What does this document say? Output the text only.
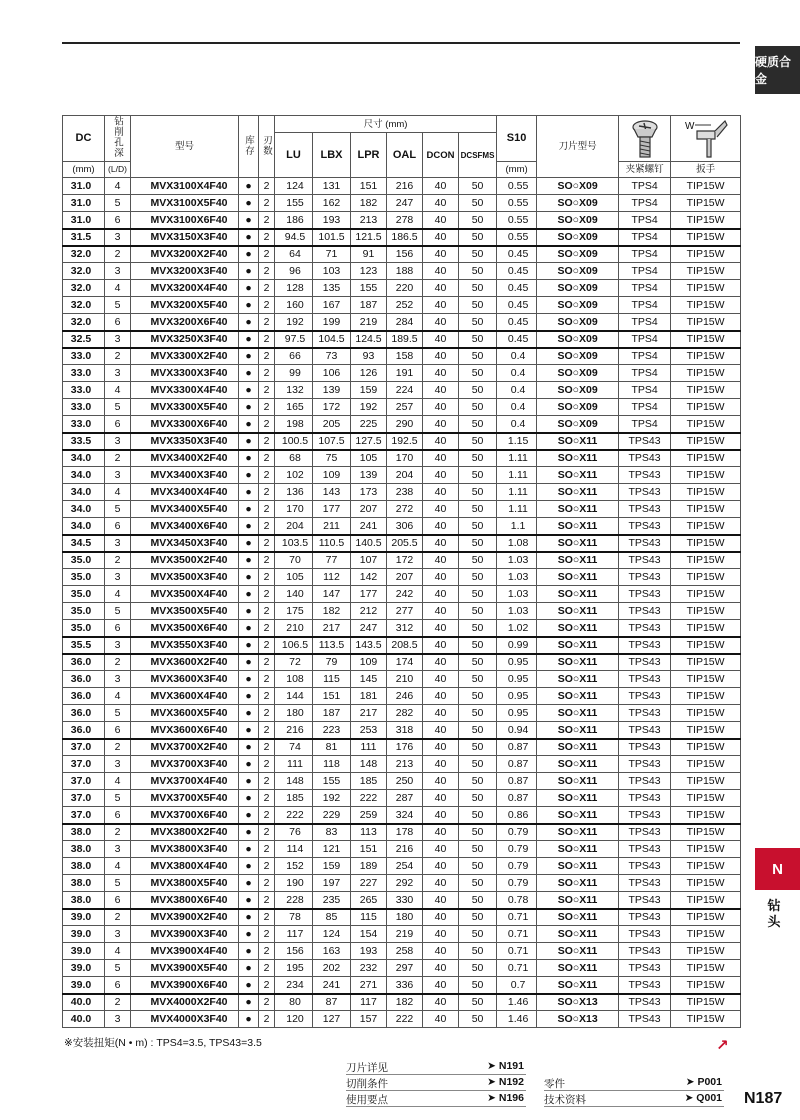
硬质合金
N
钻头
DC	钻削孔深	型号	库存	刃数	尺寸 (mm)						S10	刀片型号		W

					LU	LBX	LPR	OAL	DCON	DCSFMS				
(mm)	(L/D)										(mm)		夹紧螺钉	扳手
31.0	4	MVX3100X4F40	●	2	124	131	151	216	40	50	0.55	SO○X09	TPS4	TIP15W
31.0	5	MVX3100X5F40	●	2	155	162	182	247	40	50	0.55	SO○X09	TPS4	TIP15W
31.0	6	MVX3100X6F40	●	2	186	193	213	278	40	50	0.55	SO○X09	TPS4	TIP15W
31.5	3	MVX3150X3F40	●	2	94.5	101.5	121.5	186.5	40	50	0.55	SO○X09	TPS4	TIP15W
32.0	2	MVX3200X2F40	●	2	64	71	91	156	40	50	0.45	SO○X09	TPS4	TIP15W
32.0	3	MVX3200X3F40	●	2	96	103	123	188	40	50	0.45	SO○X09	TPS4	TIP15W
32.0	4	MVX3200X4F40	●	2	128	135	155	220	40	50	0.45	SO○X09	TPS4	TIP15W
32.0	5	MVX3200X5F40	●	2	160	167	187	252	40	50	0.45	SO○X09	TPS4	TIP15W
32.0	6	MVX3200X6F40	●	2	192	199	219	284	40	50	0.45	SO○X09	TPS4	TIP15W
32.5	3	MVX3250X3F40	●	2	97.5	104.5	124.5	189.5	40	50	0.45	SO○X09	TPS4	TIP15W
33.0	2	MVX3300X2F40	●	2	66	73	93	158	40	50	0.4	SO○X09	TPS4	TIP15W
33.0	3	MVX3300X3F40	●	2	99	106	126	191	40	50	0.4	SO○X09	TPS4	TIP15W
33.0	4	MVX3300X4F40	●	2	132	139	159	224	40	50	0.4	SO○X09	TPS4	TIP15W
33.0	5	MVX3300X5F40	●	2	165	172	192	257	40	50	0.4	SO○X09	TPS4	TIP15W
33.0	6	MVX3300X6F40	●	2	198	205	225	290	40	50	0.4	SO○X09	TPS4	TIP15W
33.5	3	MVX3350X3F40	●	2	100.5	107.5	127.5	192.5	40	50	1.15	SO○X11	TPS43	TIP15W
34.0	2	MVX3400X2F40	●	2	68	75	105	170	40	50	1.11	SO○X11	TPS43	TIP15W
34.0	3	MVX3400X3F40	●	2	102	109	139	204	40	50	1.11	SO○X11	TPS43	TIP15W
34.0	4	MVX3400X4F40	●	2	136	143	173	238	40	50	1.11	SO○X11	TPS43	TIP15W
34.0	5	MVX3400X5F40	●	2	170	177	207	272	40	50	1.11	SO○X11	TPS43	TIP15W
34.0	6	MVX3400X6F40	●	2	204	211	241	306	40	50	1.1	SO○X11	TPS43	TIP15W
34.5	3	MVX3450X3F40	●	2	103.5	110.5	140.5	205.5	40	50	1.08	SO○X11	TPS43	TIP15W
35.0	2	MVX3500X2F40	●	2	70	77	107	172	40	50	1.03	SO○X11	TPS43	TIP15W
35.0	3	MVX3500X3F40	●	2	105	112	142	207	40	50	1.03	SO○X11	TPS43	TIP15W
35.0	4	MVX3500X4F40	●	2	140	147	177	242	40	50	1.03	SO○X11	TPS43	TIP15W
35.0	5	MVX3500X5F40	●	2	175	182	212	277	40	50	1.03	SO○X11	TPS43	TIP15W
35.0	6	MVX3500X6F40	●	2	210	217	247	312	40	50	1.02	SO○X11	TPS43	TIP15W
35.5	3	MVX3550X3F40	●	2	106.5	113.5	143.5	208.5	40	50	0.99	SO○X11	TPS43	TIP15W
36.0	2	MVX3600X2F40	●	2	72	79	109	174	40	50	0.95	SO○X11	TPS43	TIP15W
36.0	3	MVX3600X3F40	●	2	108	115	145	210	40	50	0.95	SO○X11	TPS43	TIP15W
36.0	4	MVX3600X4F40	●	2	144	151	181	246	40	50	0.95	SO○X11	TPS43	TIP15W
36.0	5	MVX3600X5F40	●	2	180	187	217	282	40	50	0.95	SO○X11	TPS43	TIP15W
36.0	6	MVX3600X6F40	●	2	216	223	253	318	40	50	0.94	SO○X11	TPS43	TIP15W
37.0	2	MVX3700X2F40	●	2	74	81	111	176	40	50	0.87	SO○X11	TPS43	TIP15W
37.0	3	MVX3700X3F40	●	2	111	118	148	213	40	50	0.87	SO○X11	TPS43	TIP15W
37.0	4	MVX3700X4F40	●	2	148	155	185	250	40	50	0.87	SO○X11	TPS43	TIP15W
37.0	5	MVX3700X5F40	●	2	185	192	222	287	40	50	0.87	SO○X11	TPS43	TIP15W
37.0	6	MVX3700X6F40	●	2	222	229	259	324	40	50	0.86	SO○X11	TPS43	TIP15W
38.0	2	MVX3800X2F40	●	2	76	83	113	178	40	50	0.79	SO○X11	TPS43	TIP15W
38.0	3	MVX3800X3F40	●	2	114	121	151	216	40	50	0.79	SO○X11	TPS43	TIP15W
38.0	4	MVX3800X4F40	●	2	152	159	189	254	40	50	0.79	SO○X11	TPS43	TIP15W
38.0	5	MVX3800X5F40	●	2	190	197	227	292	40	50	0.79	SO○X11	TPS43	TIP15W
38.0	6	MVX3800X6F40	●	2	228	235	265	330	40	50	0.78	SO○X11	TPS43	TIP15W
39.0	2	MVX3900X2F40	●	2	78	85	115	180	40	50	0.71	SO○X11	TPS43	TIP15W
39.0	3	MVX3900X3F40	●	2	117	124	154	219	40	50	0.71	SO○X11	TPS43	TIP15W
39.0	4	MVX3900X4F40	●	2	156	163	193	258	40	50	0.71	SO○X11	TPS43	TIP15W
39.0	5	MVX3900X5F40	●	2	195	202	232	297	40	50	0.71	SO○X11	TPS43	TIP15W
39.0	6	MVX3900X6F40	●	2	234	241	271	336	40	50	0.7	SO○X11	TPS43	TIP15W
40.0	2	MVX4000X2F40	●	2	80	87	117	182	40	50	1.46	SO○X13	TPS43	TIP15W
40.0	3	MVX4000X3F40	●	2	120	127	157	222	40	50	1.46	SO○X13	TPS43	TIP15W
※安装扭矩(N • m) : TPS4=3.5, TPS43=3.5	↗
刀片详见	➤ N191
切削条件	➤ N192
使用要点	➤ N196
零件	➤ P001
技术资料	➤ Q001 N187
